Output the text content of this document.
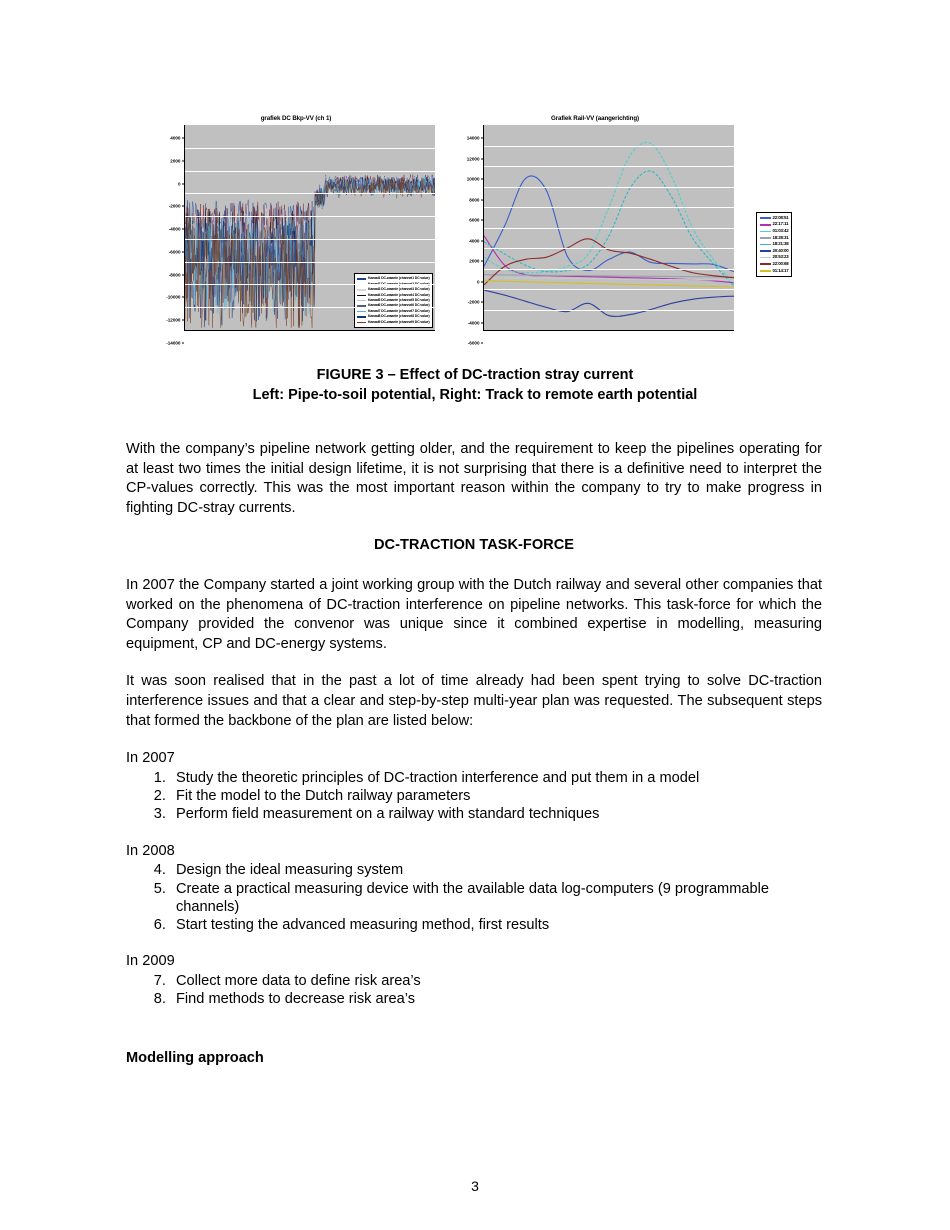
grafiek DC Bkp-VV (ch 1)
4000
2000
0
-2000
-4000
-6000
-8000
-10000
-12000
-14000
Kanaal1 DC-waarde (channel1 DC value)
Kanaal3 DC-waarde (channel3 DC value)
Kanaal4 DC-waarde (channel4 DC value)
Kanaal5 DC-waarde (channel5 DC value)
Kanaal6 DC-waarde (channel6 DC value)
Kanaal7 DC-waarde (channel7 DC value)
Kanaal8 DC-waarde (channel8 DC value)
Kanaal9 DC-waarde (channel9 DC value)
Grafiek Rail-VV (aangerichting)
14000
12000
10000
8000
6000
4000
2000
0
-2000
-4000
-6000
22:08:51
22:17:11
01:03:42
18:28:31
18:21:38
20:40:00
20:53:23
22:00:68
01:14:17
FIGURE 3 – Effect of DC-traction stray current
Left: Pipe-to-soil potential, Right: Track to remote earth potential

With the company’s pipeline network getting older, and the requirement to keep the pipelines operating for at least two times the initial design lifetime, it is not surprising that there is a definitive need to interpret the CP-values correctly. This was the most important reason within the company to try to make progress in fighting DC-stray currents.

DC-TRACTION TASK-FORCE

In 2007 the Company started a joint working group with the Dutch railway and several other companies that worked on the phenomena of DC-traction interference on pipeline networks. This task-force for which the Company provided the convenor was unique since it combined expertise in modelling, measuring equipment, CP and DC-energy systems.

It was soon realised that in the past a lot of time already had been spent trying to solve DC-traction interference issues and that a clear and step-by-step multi-year plan was requested. The subsequent steps that formed the backbone of the plan are listed below:

In 2007

1. Study the theoretic principles of DC-traction interference and put them in a model
2. Fit the model to the Dutch railway parameters
3. Perform field measurement on a railway with standard techniques

In 2008

4. Design the ideal measuring system
5. Create a practical measuring device with the available data log-computers (9 programmable channels)
6. Start testing the advanced measuring method, first results

In 2009

7. Collect more data to define risk area’s
8. Find methods to decrease risk area’s
Modelling approach
3
